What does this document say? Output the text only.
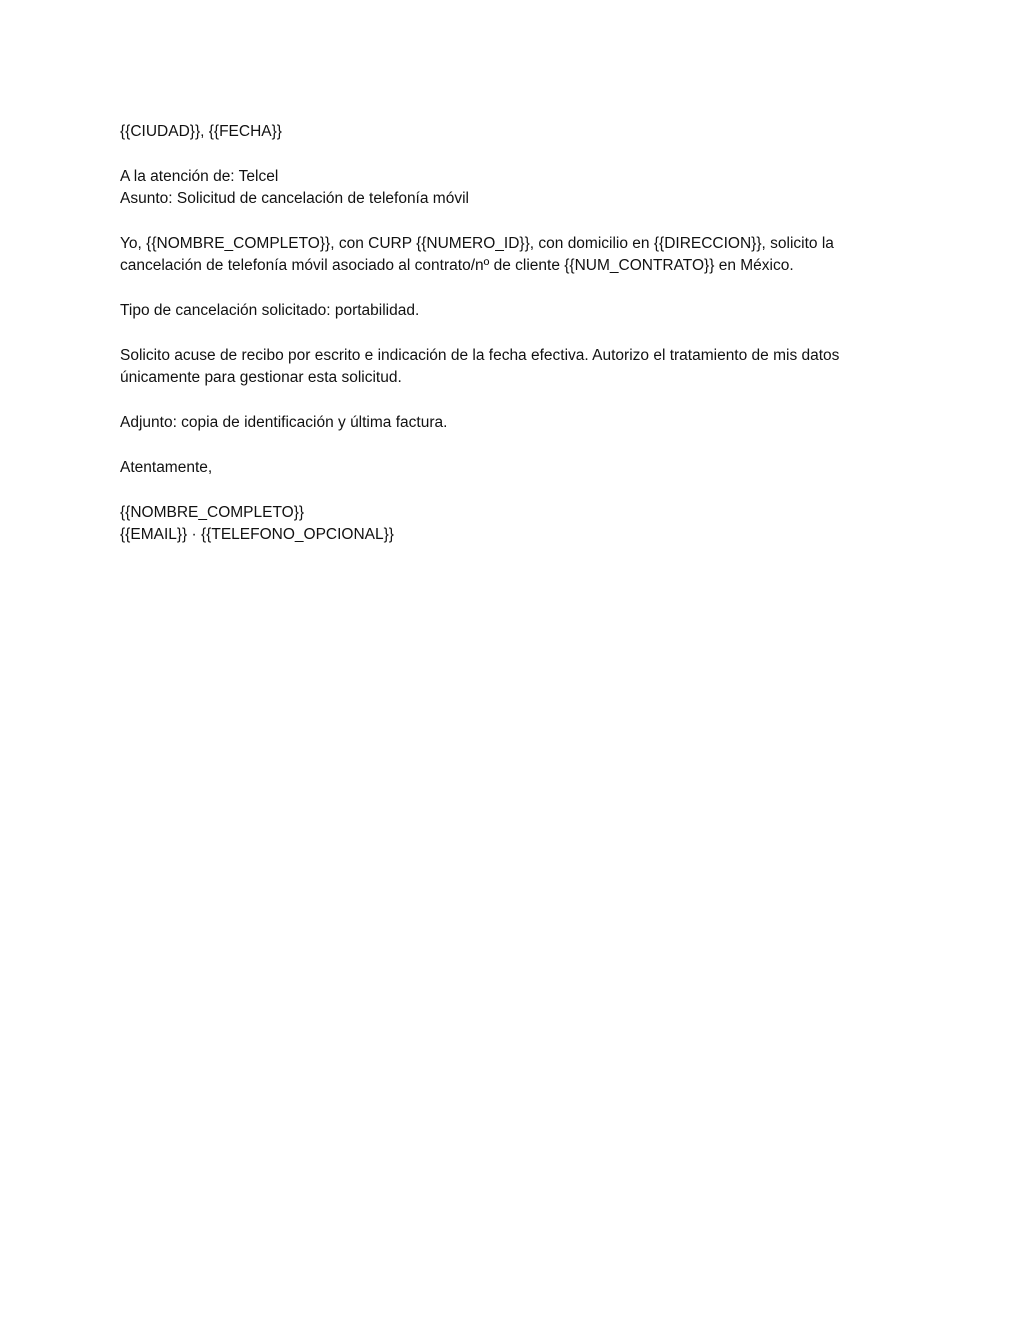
{{CIUDAD}}, {{FECHA}}
A la atención de: Telcel
Asunto: Solicitud de cancelación de telefonía móvil
Yo, {{NOMBRE_COMPLETO}}, con CURP {{NUMERO_ID}}, con domicilio en {{DIRECCION}}, solicito la
cancelación de telefonía móvil asociado al contrato/nº de cliente {{NUM_CONTRATO}} en México.
Tipo de cancelación solicitado: portabilidad.
Solicito acuse de recibo por escrito e indicación de la fecha efectiva. Autorizo el tratamiento de mis datos
únicamente para gestionar esta solicitud.
Adjunto: copia de identificación y última factura.
Atentamente,
{{NOMBRE_COMPLETO}}
{{EMAIL}} · {{TELEFONO_OPCIONAL}}
